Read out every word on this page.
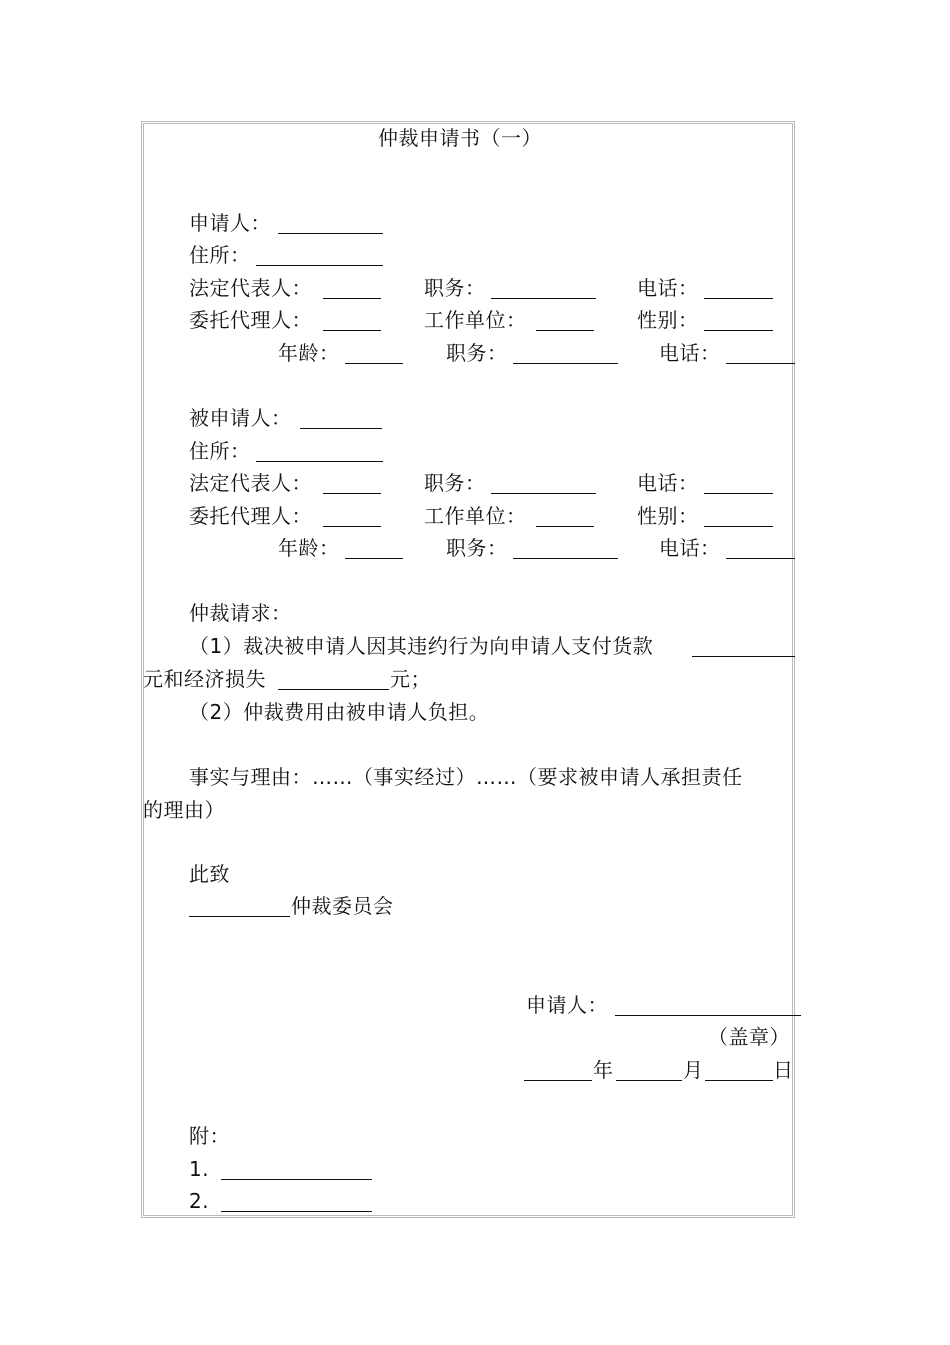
仲裁申请书（一）
申请人：
住所：
法定代表人：	职务：	电话：
委托代理人：	工作单位：	性别：
年龄：	职务：	电话：
被申请人：
住所：
法定代表人：	职务：	电话：
委托代理人：	工作单位：	性别：
年龄：	职务：	电话：
仲裁请求：
（1）裁决被申请人因其违约行为向申请人支付货款
元和经济损失	元；
（2）仲裁费用由被申请人负担。
事实与理由：……（事实经过）……（要求被申请人承担责任
的理由）
此致
仲裁委员会
申请人：
（盖章）
年	月	日
附：
1.
2.
